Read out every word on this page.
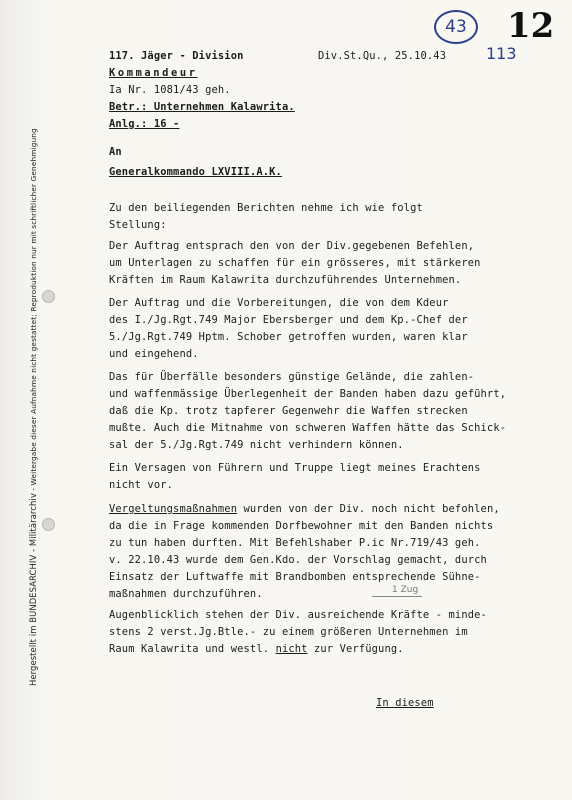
Hergestellt im BUNDESARCHIV - Militärarchiv - Weitergabe dieser Aufnahme nicht gestattet; Reproduktion nur mit schriftlicher Genehmigung
43	12
113
117. Jäger - Division	Div.St.Qu., 25.10.43
Kommandeur
Ia Nr. 1081/43 geh.
Betr.: Unternehmen Kalawrita.
Anlg.: 16 -
An
Generalkommando LXVIII.A.K.
Zu den beiliegenden Berichten nehme ich wie folgt
Stellung:
Der Auftrag entsprach den von der Div.gegebenen Befehlen,
um Unterlagen zu schaffen für ein grösseres, mit stärkeren
Kräften im Raum Kalawrita durchzuführendes Unternehmen.
Der Auftrag und die Vorbereitungen, die von dem Kdeur
des I./Jg.Rgt.749 Major Ebersberger und dem Kp.-Chef der
5./Jg.Rgt.749 Hptm. Schober getroffen wurden, waren klar
und eingehend.
Das für Überfälle besonders günstige Gelände, die zahlen-
und waffenmässige Überlegenheit der Banden haben dazu geführt,
daß die Kp. trotz tapferer Gegenwehr die Waffen strecken
mußte. Auch die Mitnahme von schweren Waffen hätte das Schick-
sal der 5./Jg.Rgt.749 nicht verhindern können.
Ein Versagen von Führern und Truppe liegt meines Erachtens
nicht vor.
Vergeltungsmaßnahmen wurden von der Div. noch nicht befohlen,
da die in Frage kommenden Dorfbewohner mit den Banden nichts
zu tun haben durften. Mit Befehlshaber P.ic Nr.719/43 geh.
v. 22.10.43 wurde dem Gen.Kdo. der Vorschlag gemacht, durch
Einsatz der Luftwaffe mit Brandbomben entsprechende Sühne-
maßnahmen durchzuführen.	1 Zug
Augenblicklich stehen der Div. ausreichende Kräfte - minde-
stens 2 verst.Jg.Btle.- zu einem größeren Unternehmen im
Raum Kalawrita und westl. nicht zur Verfügung.
In diesem
